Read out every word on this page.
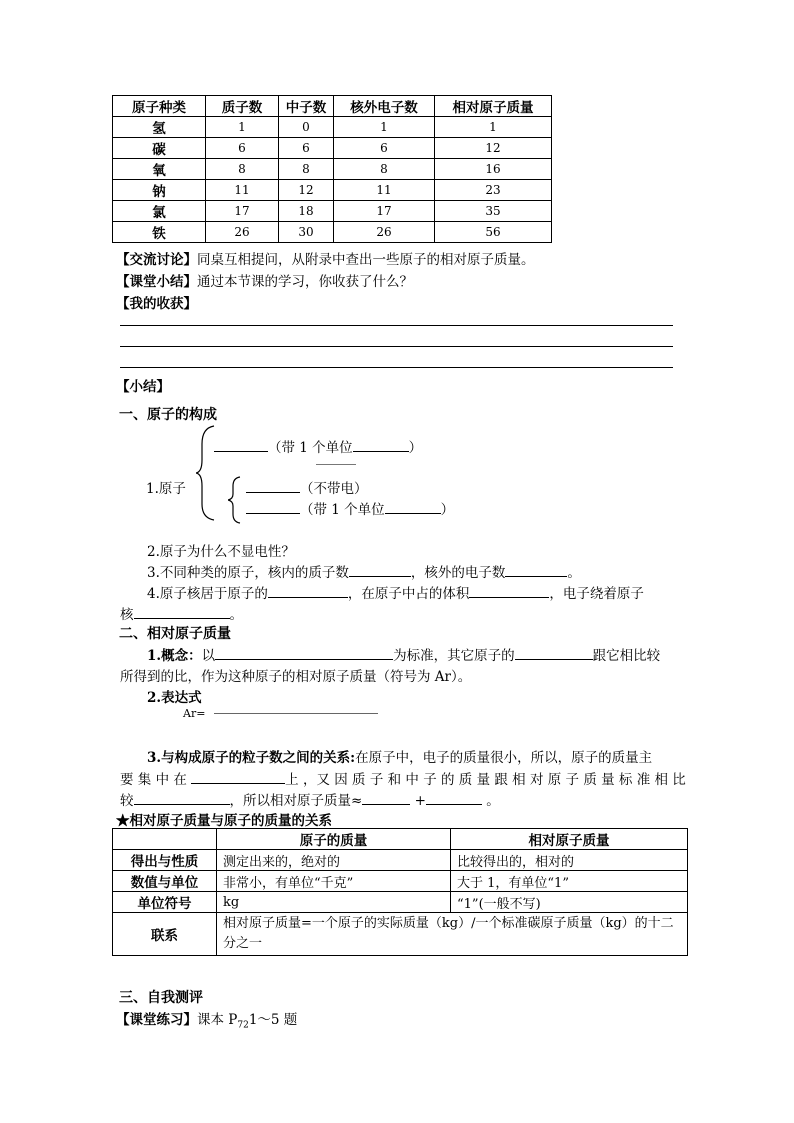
原子种类	质子数	中子数	核外电子数	相对原子质量
氢	1	0	1	1
碳	6	6	6	12
氧	8	8	8	16
钠	11	12	11	23
氯	17	18	17	35
铁	26	30	26	56
【交流讨论】同桌互相提问，从附录中查出一些原子的相对原子质量。
【课堂小结】通过本节课的学习，你收获了什么？
【我的收获】
【小结】
一、原子的构成
1.原子
（带 1 个单位	）
（不带电）
（带 1 个单位	）
2.原子为什么不显电性？
3.不同种类的原子，核内的质子数	，核外的电子数	。
4.原子核居于原子的	，在原子中占的体积	，电子绕着原子
核	。
二、相对原子质量
1.概念：以	为标准，其它原子的	跟它相比较
所得到的比，作为这种原子的相对原子质量（符号为 Ar）。
2.表达式
Ar=
3.与构成原子的粒子数之间的关系:在原子中，电子的质量很小，所以，原子的质量主
要 集 中 在	上 ，又 因 质 子 和 中 子 的 质 量 跟 相 对 原 子 质 量 标 准 相 比
较	，所以相对原子质量≈	+	。
★相对原子质量与原子的质量的关系
	原子的质量	相对原子质量
得出与性质	测定出来的，绝对的	比较得出的，相对的
数值与单位	非常小，有单位“千克”	大于 1，有单位“1”
单位符号	kg	“1”(一般不写)
联系	相对原子质量=一个原子的实际质量（kg）/一个标准碳原子质量（kg）的十二分之一	
三、自我测评
【课堂练习】课本 $P_{72}1\sim 5$ 题
